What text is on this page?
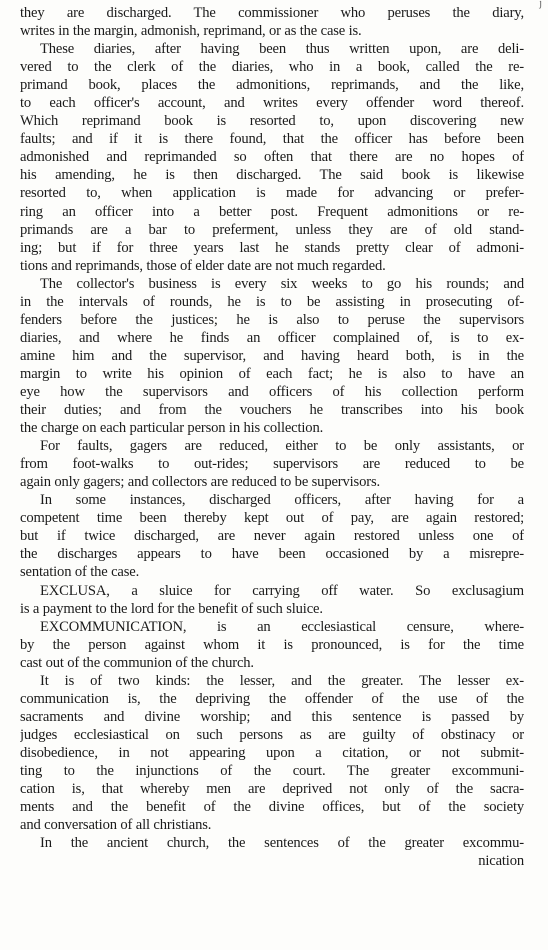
j
they are discharged. The commissioner who peruses the diary,
writes in the margin, admonish, reprimand, or as the case is.
These diaries, after having been thus written upon, are deli-
vered to the clerk of the diaries, who in a book, called the re-
primand book, places the admonitions, reprimands, and the like,
to each officer's account, and writes every offender word thereof.
Which reprimand book is resorted to, upon discovering new
faults; and if it is there found, that the officer has before been
admonished and reprimanded so often that there are no hopes of
his amending, he is then discharged. The said book is likewise
resorted to, when application is made for advancing or prefer-
ring an officer into a better post. Frequent admonitions or re-
primands are a bar to preferment, unless they are of old stand-
ing; but if for three years last he stands pretty clear of admoni-
tions and reprimands, those of elder date are not much regarded.
The collector's business is every six weeks to go his rounds; and
in the intervals of rounds, he is to be assisting in prosecuting of-
fenders before the justices; he is also to peruse the supervisors
diaries, and where he finds an officer complained of, is to ex-
amine him and the supervisor, and having heard both, is in the
margin to write his opinion of each fact; he is also to have an
eye how the supervisors and officers of his collection perform
their duties; and from the vouchers he transcribes into his book
the charge on each particular person in his collection.
For faults, gagers are reduced, either to be only assistants, or
from foot-walks to out-rides; supervisors are reduced to be
again only gagers; and collectors are reduced to be supervisors.
In some instances, discharged officers, after having for a
competent time been thereby kept out of pay, are again restored;
but if twice discharged, are never again restored unless one of
the discharges appears to have been occasioned by a misrepre-
sentation of the case.
EXCLUSA, a sluice for carrying off water. So exclusagium
is a payment to the lord for the benefit of such sluice.
EXCOMMUNICATION, is an ecclesiastical censure, where-
by the person against whom it is pronounced, is for the time
cast out of the communion of the church.
It is of two kinds: the lesser, and the greater. The lesser ex-
communication is, the depriving the offender of the use of the
sacraments and divine worship; and this sentence is passed by
judges ecclesiastical on such persons as are guilty of obstinacy or
disobedience, in not appearing upon a citation, or not submit-
ting to the injunctions of the court. The greater excommuni-
cation is, that whereby men are deprived not only of the sacra-
ments and the benefit of the divine offices, but of the society
and conversation of all christians.
In the ancient church, the sentences of the greater excommu-
nication
